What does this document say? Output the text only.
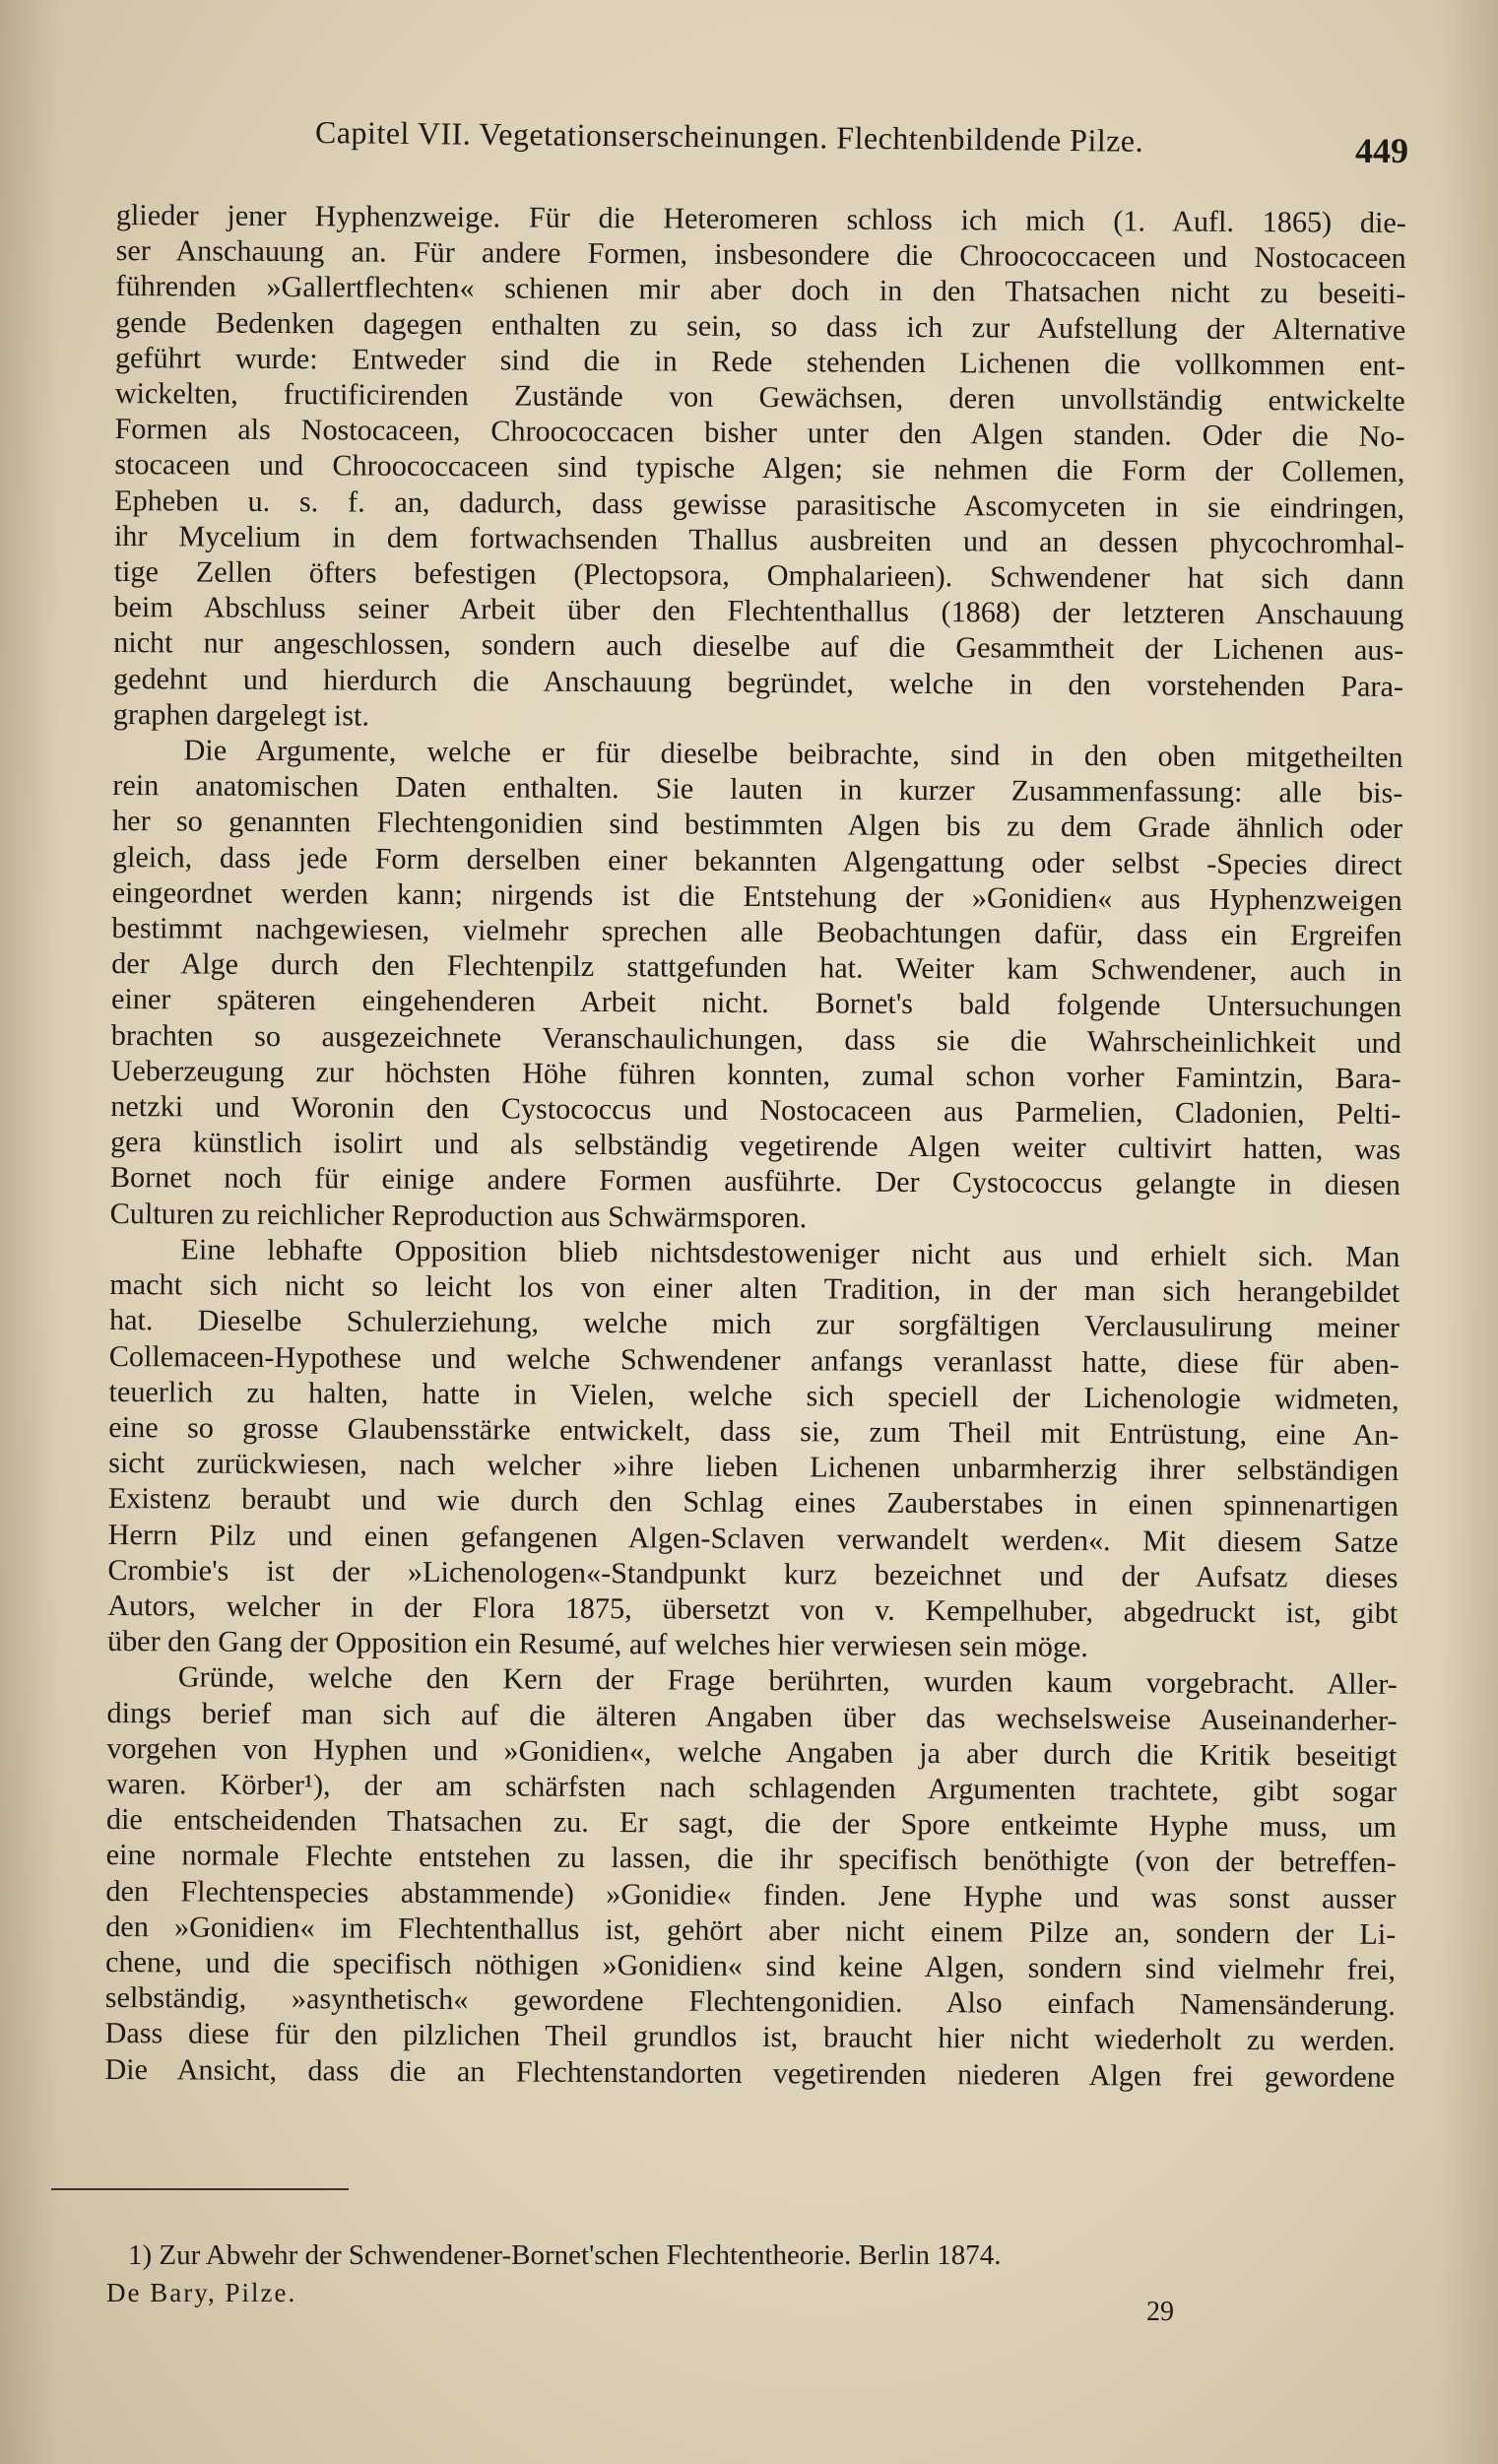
Capitel VII. Vegetationserscheinungen. Flechtenbildende Pilze.	449
glieder jener Hyphenzweige. Für die Heteromeren schloss ich mich (1. Aufl. 1865) die-
ser Anschauung an. Für andere Formen, insbesondere die Chroococcaceen und Nostocaceen
führenden »Gallertflechten« schienen mir aber doch in den Thatsachen nicht zu beseiti-
gende Bedenken dagegen enthalten zu sein, so dass ich zur Aufstellung der Alternative
geführt wurde: Entweder sind die in Rede stehenden Lichenen die vollkommen ent-
wickelten, fructificirenden Zustände von Gewächsen, deren unvollständig entwickelte
Formen als Nostocaceen, Chroococcacen bisher unter den Algen standen. Oder die No-
stocaceen und Chroococcaceen sind typische Algen; sie nehmen die Form der Collemen,
Epheben u. s. f. an, dadurch, dass gewisse parasitische Ascomyceten in sie eindringen,
ihr Mycelium in dem fortwachsenden Thallus ausbreiten und an dessen phycochromhal-
tige Zellen öfters befestigen (Plectopsora, Omphalarieen). Schwendener hat sich dann
beim Abschluss seiner Arbeit über den Flechtenthallus (1868) der letzteren Anschauung
nicht nur angeschlossen, sondern auch dieselbe auf die Gesammtheit der Lichenen aus-
gedehnt und hierdurch die Anschauung begründet, welche in den vorstehenden Para-
graphen dargelegt ist.
Die Argumente, welche er für dieselbe beibrachte, sind in den oben mitgetheilten
rein anatomischen Daten enthalten. Sie lauten in kurzer Zusammenfassung: alle bis-
her so genannten Flechtengonidien sind bestimmten Algen bis zu dem Grade ähnlich oder
gleich, dass jede Form derselben einer bekannten Algengattung oder selbst -Species direct
eingeordnet werden kann; nirgends ist die Entstehung der »Gonidien« aus Hyphenzweigen
bestimmt nachgewiesen, vielmehr sprechen alle Beobachtungen dafür, dass ein Ergreifen
der Alge durch den Flechtenpilz stattgefunden hat. Weiter kam Schwendener, auch in
einer späteren eingehenderen Arbeit nicht. Bornet's bald folgende Untersuchungen
brachten so ausgezeichnete Veranschaulichungen, dass sie die Wahrscheinlichkeit und
Ueberzeugung zur höchsten Höhe führen konnten, zumal schon vorher Famintzin, Bara-
netzki und Woronin den Cystococcus und Nostocaceen aus Parmelien, Cladonien, Pelti-
gera künstlich isolirt und als selbständig vegetirende Algen weiter cultivirt hatten, was
Bornet noch für einige andere Formen ausführte. Der Cystococcus gelangte in diesen
Culturen zu reichlicher Reproduction aus Schwärmsporen.
Eine lebhafte Opposition blieb nichtsdestoweniger nicht aus und erhielt sich. Man
macht sich nicht so leicht los von einer alten Tradition, in der man sich herangebildet
hat. Dieselbe Schulerziehung, welche mich zur sorgfältigen Verclausulirung meiner
Collemaceen-Hypothese und welche Schwendener anfangs veranlasst hatte, diese für aben-
teuerlich zu halten, hatte in Vielen, welche sich speciell der Lichenologie widmeten,
eine so grosse Glaubensstärke entwickelt, dass sie, zum Theil mit Entrüstung, eine An-
sicht zurückwiesen, nach welcher »ihre lieben Lichenen unbarmherzig ihrer selbständigen
Existenz beraubt und wie durch den Schlag eines Zauberstabes in einen spinnenartigen
Herrn Pilz und einen gefangenen Algen-Sclaven verwandelt werden«. Mit diesem Satze
Crombie's ist der »Lichenologen«-Standpunkt kurz bezeichnet und der Aufsatz dieses
Autors, welcher in der Flora 1875, übersetzt von v. Kempelhuber, abgedruckt ist, gibt
über den Gang der Opposition ein Resumé, auf welches hier verwiesen sein möge.
Gründe, welche den Kern der Frage berührten, wurden kaum vorgebracht. Aller-
dings berief man sich auf die älteren Angaben über das wechselsweise Auseinanderher-
vorgehen von Hyphen und »Gonidien«, welche Angaben ja aber durch die Kritik beseitigt
waren. Körber¹), der am schärfsten nach schlagenden Argumenten trachtete, gibt sogar
die entscheidenden Thatsachen zu. Er sagt, die der Spore entkeimte Hyphe muss, um
eine normale Flechte entstehen zu lassen, die ihr specifisch benöthigte (von der betreffen-
den Flechtenspecies abstammende) »Gonidie« finden. Jene Hyphe und was sonst ausser
den »Gonidien« im Flechtenthallus ist, gehört aber nicht einem Pilze an, sondern der Li-
chene, und die specifisch nöthigen »Gonidien« sind keine Algen, sondern sind vielmehr frei,
selbständig, »asynthetisch« gewordene Flechtengonidien. Also einfach Namensänderung.
Dass diese für den pilzlichen Theil grundlos ist, braucht hier nicht wiederholt zu werden.
Die Ansicht, dass die an Flechtenstandorten vegetirenden niederen Algen frei gewordene
1) Zur Abwehr der Schwendener-Bornet'schen Flechtentheorie. Berlin 1874.
De Bary, Pilze.
29
